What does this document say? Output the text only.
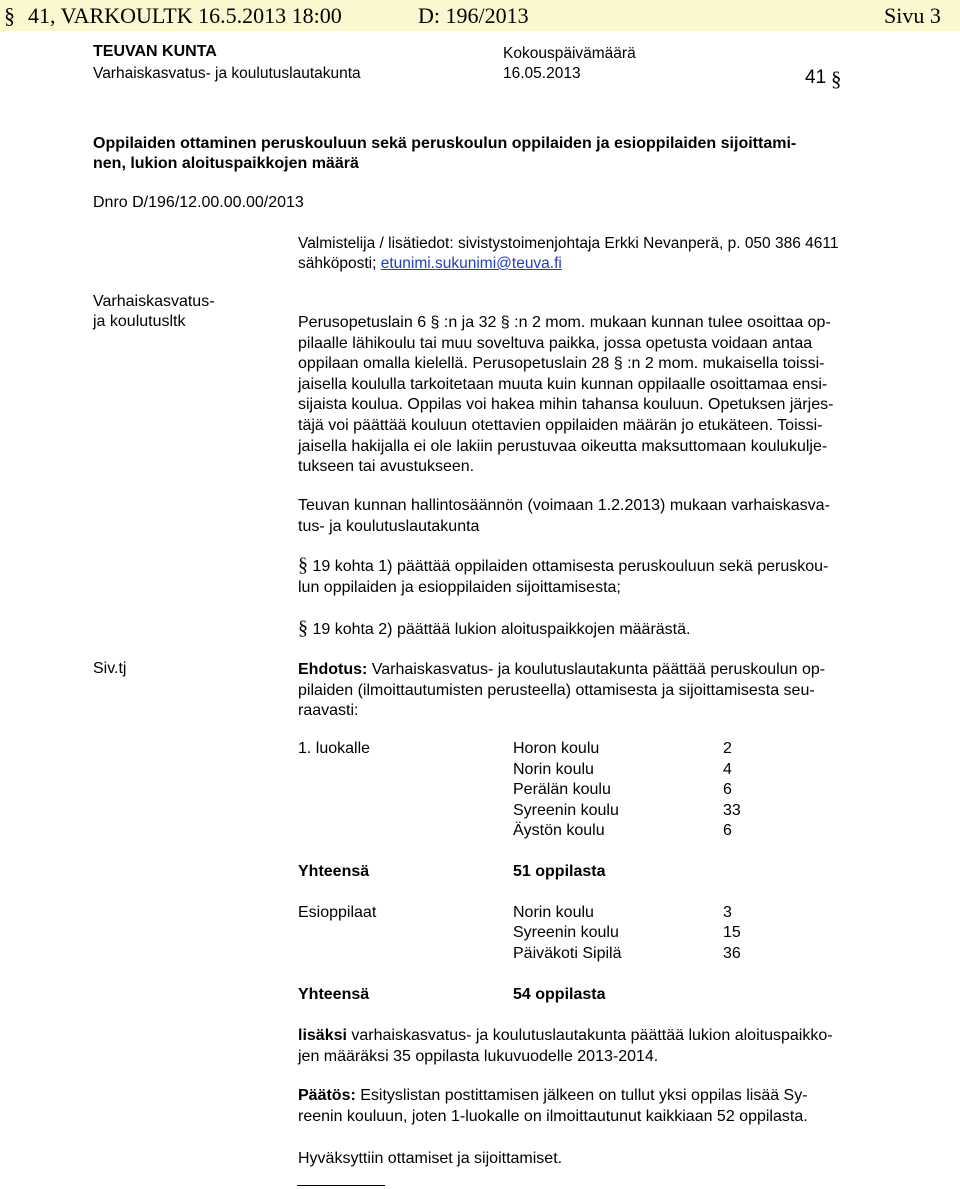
§ 41, VARKOULTK 16.5.2013 18:00	D: 196/2013	Sivu 3
TEUVAN KUNTA	Kokouspäivämäärä
Varhaiskasvatus- ja koulutuslautakunta	16.05.2013	41 §
Oppilaiden ottaminen peruskouluun sekä peruskoulun oppilaiden ja esioppilaiden sijoittami-
nen, lukion aloituspaikkojen määrä
Dnro D/196/12.00.00.00/2013
Valmistelija / lisätiedot: sivistystoimenjohtaja Erkki Nevanperä, p. 050 386 4611
sähköposti; etunimi.sukunimi@teuva.fi
Varhaiskasvatus-
ja koulutusltk
Siv.tj
Perusopetuslain 6 § :n ja 32 § :n 2 mom. mukaan kunnan tulee osoittaa op-
pilaalle lähikoulu tai muu soveltuva paikka, jossa opetusta voidaan antaa
oppilaan omalla kielellä. Perusopetuslain 28 § :n 2 mom. mukaisella toissi-
jaisella koululla tarkoitetaan muuta kuin kunnan oppilaalle osoittamaa ensi-
sijaista koulua. Oppilas voi hakea mihin tahansa kouluun. Opetuksen järjes-
täjä voi päättää kouluun otettavien oppilaiden määrän jo etukäteen. Toissi-
jaisella hakijalla ei ole lakiin perustuvaa oikeutta maksuttomaan koulukulje-
tukseen tai avustukseen.
Teuvan kunnan hallintosäännön (voimaan 1.2.2013) mukaan varhaiskasva-
tus- ja koulutuslautakunta
§ 19 kohta 1) päättää oppilaiden ottamisesta peruskouluun sekä peruskou-
lun oppilaiden ja esioppilaiden sijoittamisesta;
§ 19 kohta 2) päättää lukion aloituspaikkojen määrästä.
Ehdotus: Varhaiskasvatus- ja koulutuslautakunta päättää peruskoulun op-
pilaiden (ilmoittautumisten perusteella) ottamisesta ja sijoittamisesta seu-
raavasti:
1. luokalle	Horon koulu	2
Norin koulu	4
Perälän koulu	6
Syreenin koulu	33
Äystön koulu	6
Yhteensä	51 oppilasta
Esioppilaat	Norin koulu	3
Syreenin koulu	15
Päiväkoti Sipilä	36
Yhteensä	54 oppilasta
lisäksi varhaiskasvatus- ja koulutuslautakunta päättää lukion aloituspaikko-
jen määräksi 35 oppilasta lukuvuodelle 2013-2014.
Päätös: Esityslistan postittamisen jälkeen on tullut yksi oppilas lisää Sy-
reenin kouluun, joten 1-luokalle on ilmoittautunut kaikkiaan 52 oppilasta.
Hyväksyttiin ottamiset ja sijoittamiset.
